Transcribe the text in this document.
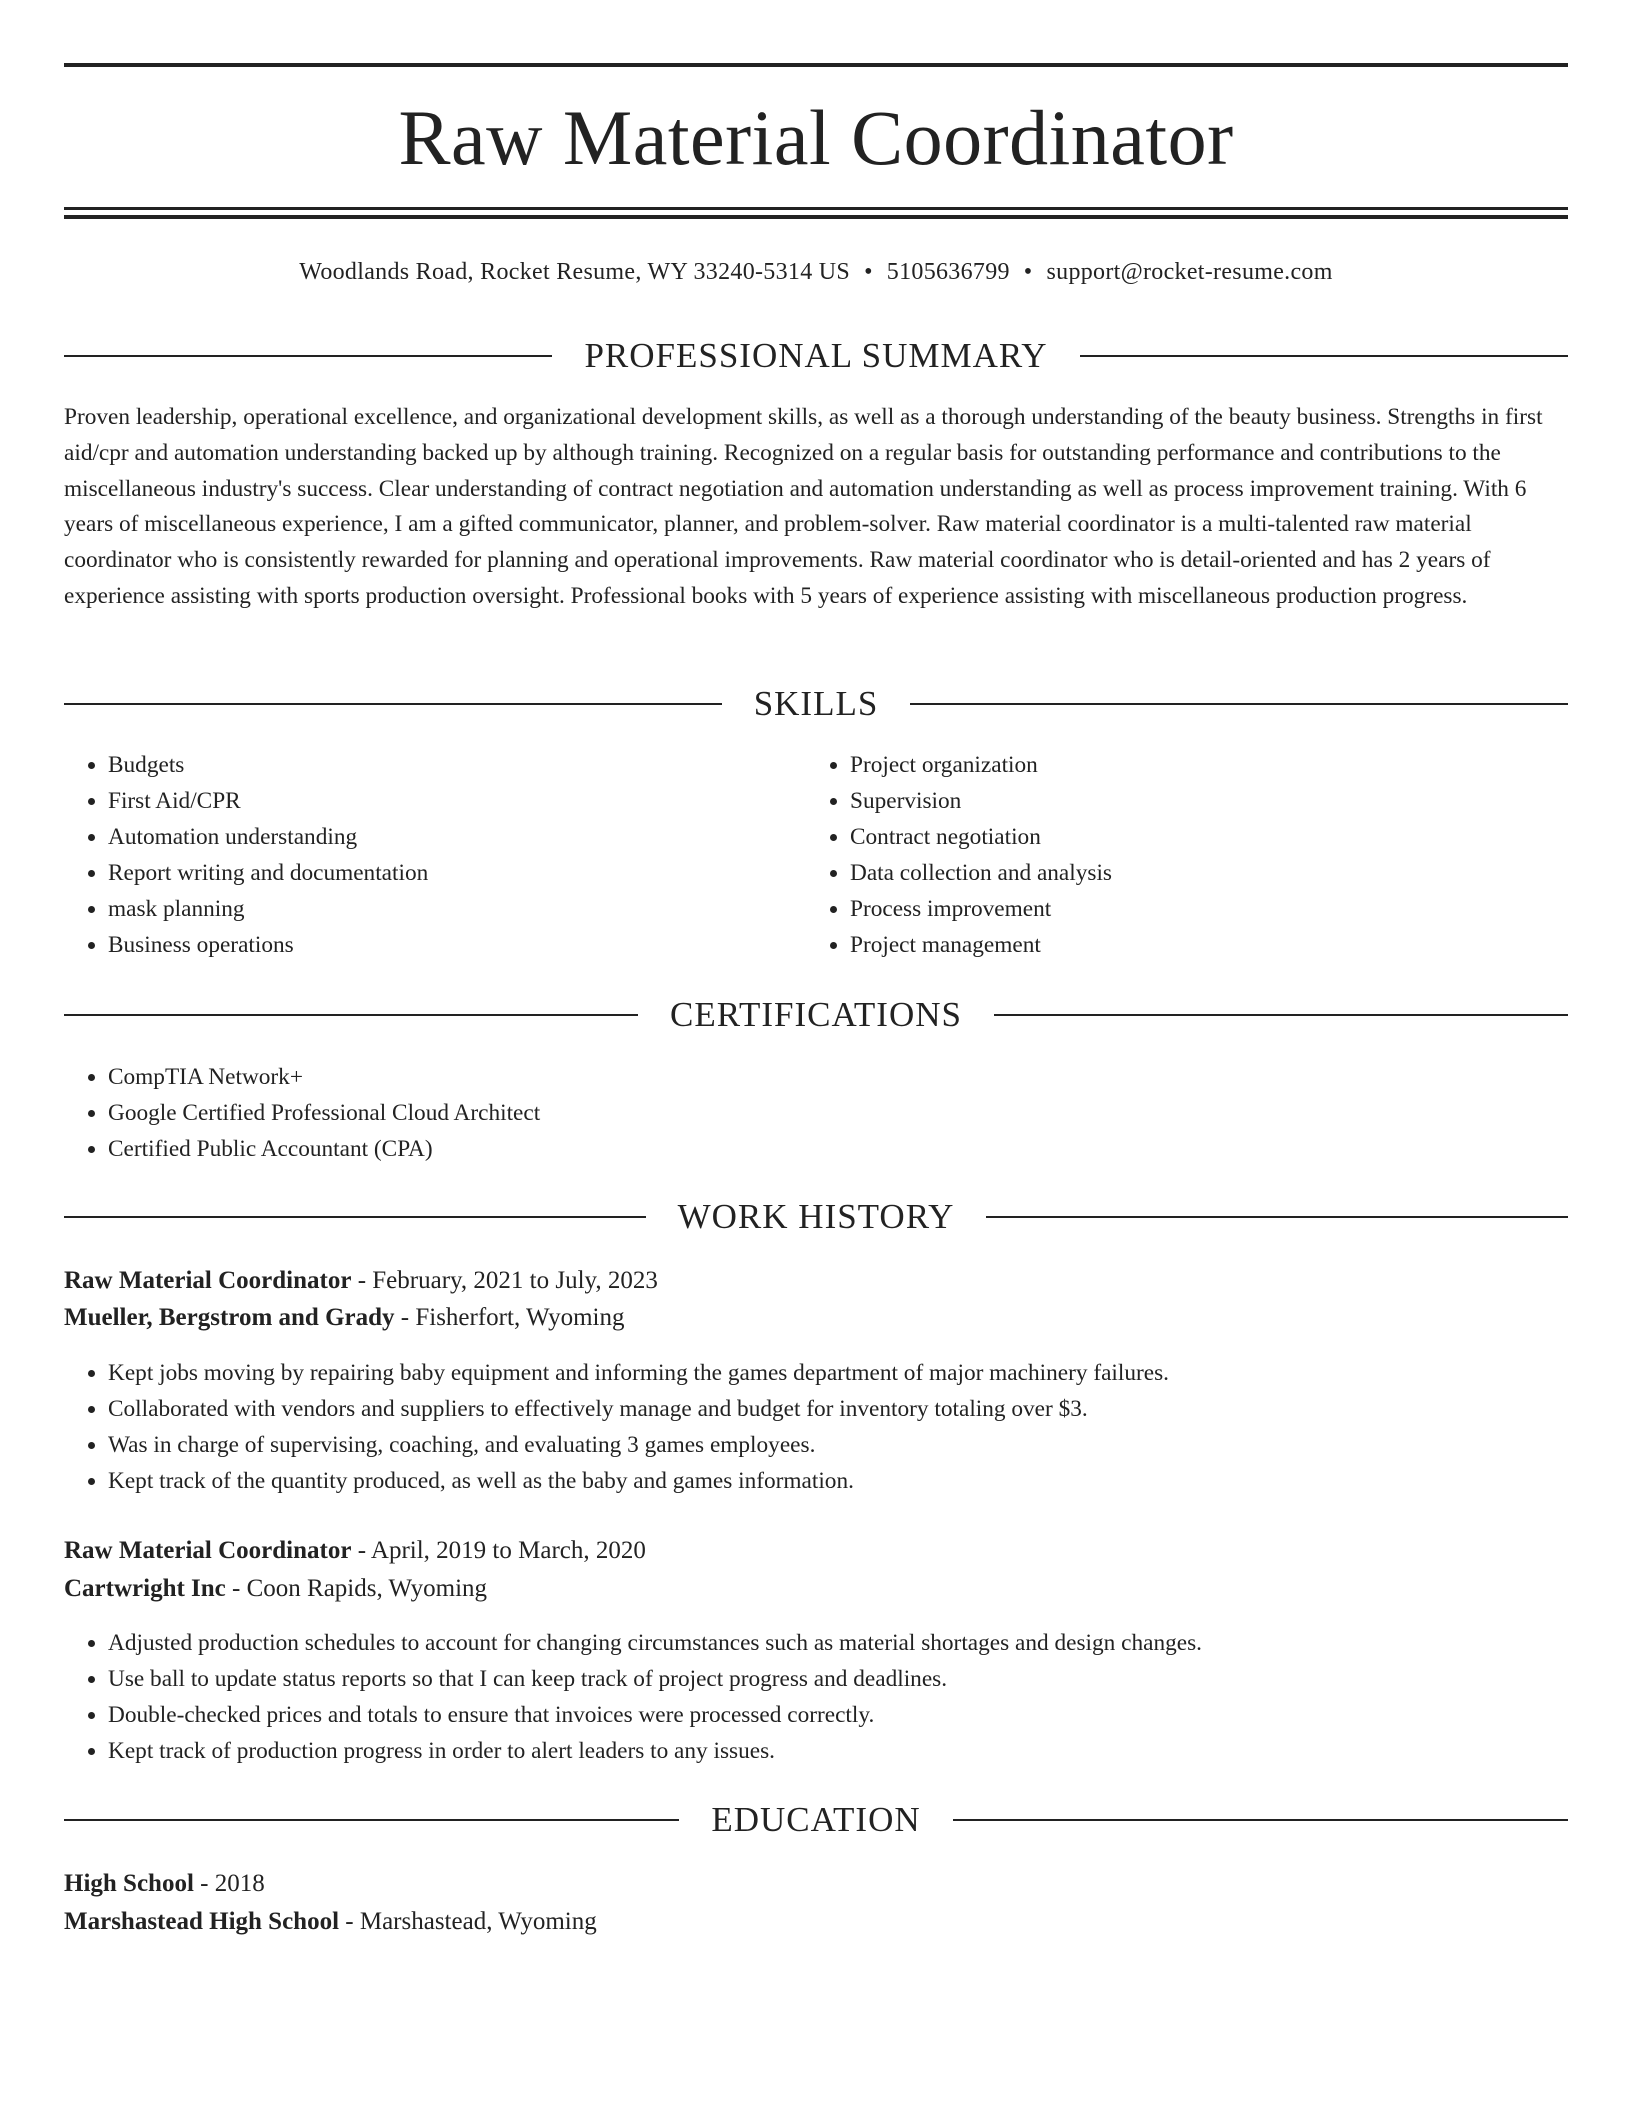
Raw Material Coordinator
Woodlands Road, Rocket Resume, WY 33240-5314 US • 5105636799 • support@rocket-resume.com
PROFESSIONAL SUMMARY

Proven leadership, operational excellence, and organizational development skills, as well as a thorough understanding of the beauty business. Strengths in first aid/cpr and automation understanding backed up by although training. Recognized on a regular basis for outstanding performance and contributions to the miscellaneous industry's success. Clear understanding of contract negotiation and automation understanding as well as process improvement training. With 6 years of miscellaneous experience, I am a gifted communicator, planner, and problem-solver. Raw material coordinator is a multi-talented raw material coordinator who is consistently rewarded for planning and operational improvements. Raw material coordinator who is detail-oriented and has 2 years of experience assisting with sports production oversight. Professional books with 5 years of experience assisting with miscellaneous production progress.

SKILLS
• Budgets
• First Aid/CPR
• Automation understanding
• Report writing and documentation
• mask planning
• Business operations
• Project organization
• Supervision
• Contract negotiation
• Data collection and analysis
• Process improvement
• Project management
CERTIFICATIONS
• CompTIA Network+
• Google Certified Professional Cloud Architect
• Certified Public Accountant (CPA)
WORK HISTORY
Raw Material Coordinator - February, 2021 to July, 2023
Mueller, Bergstrom and Grady - Fisherfort, Wyoming
• Kept jobs moving by repairing baby equipment and informing the games department of major machinery failures.
• Collaborated with vendors and suppliers to effectively manage and budget for inventory totaling over $3.
• Was in charge of supervising, coaching, and evaluating 3 games employees.
• Kept track of the quantity produced, as well as the baby and games information.
Raw Material Coordinator - April, 2019 to March, 2020
Cartwright Inc - Coon Rapids, Wyoming
• Adjusted production schedules to account for changing circumstances such as material shortages and design changes.
• Use ball to update status reports so that I can keep track of project progress and deadlines.
• Double-checked prices and totals to ensure that invoices were processed correctly.
• Kept track of production progress in order to alert leaders to any issues.
EDUCATION
High School - 2018
Marshastead High School - Marshastead, Wyoming
